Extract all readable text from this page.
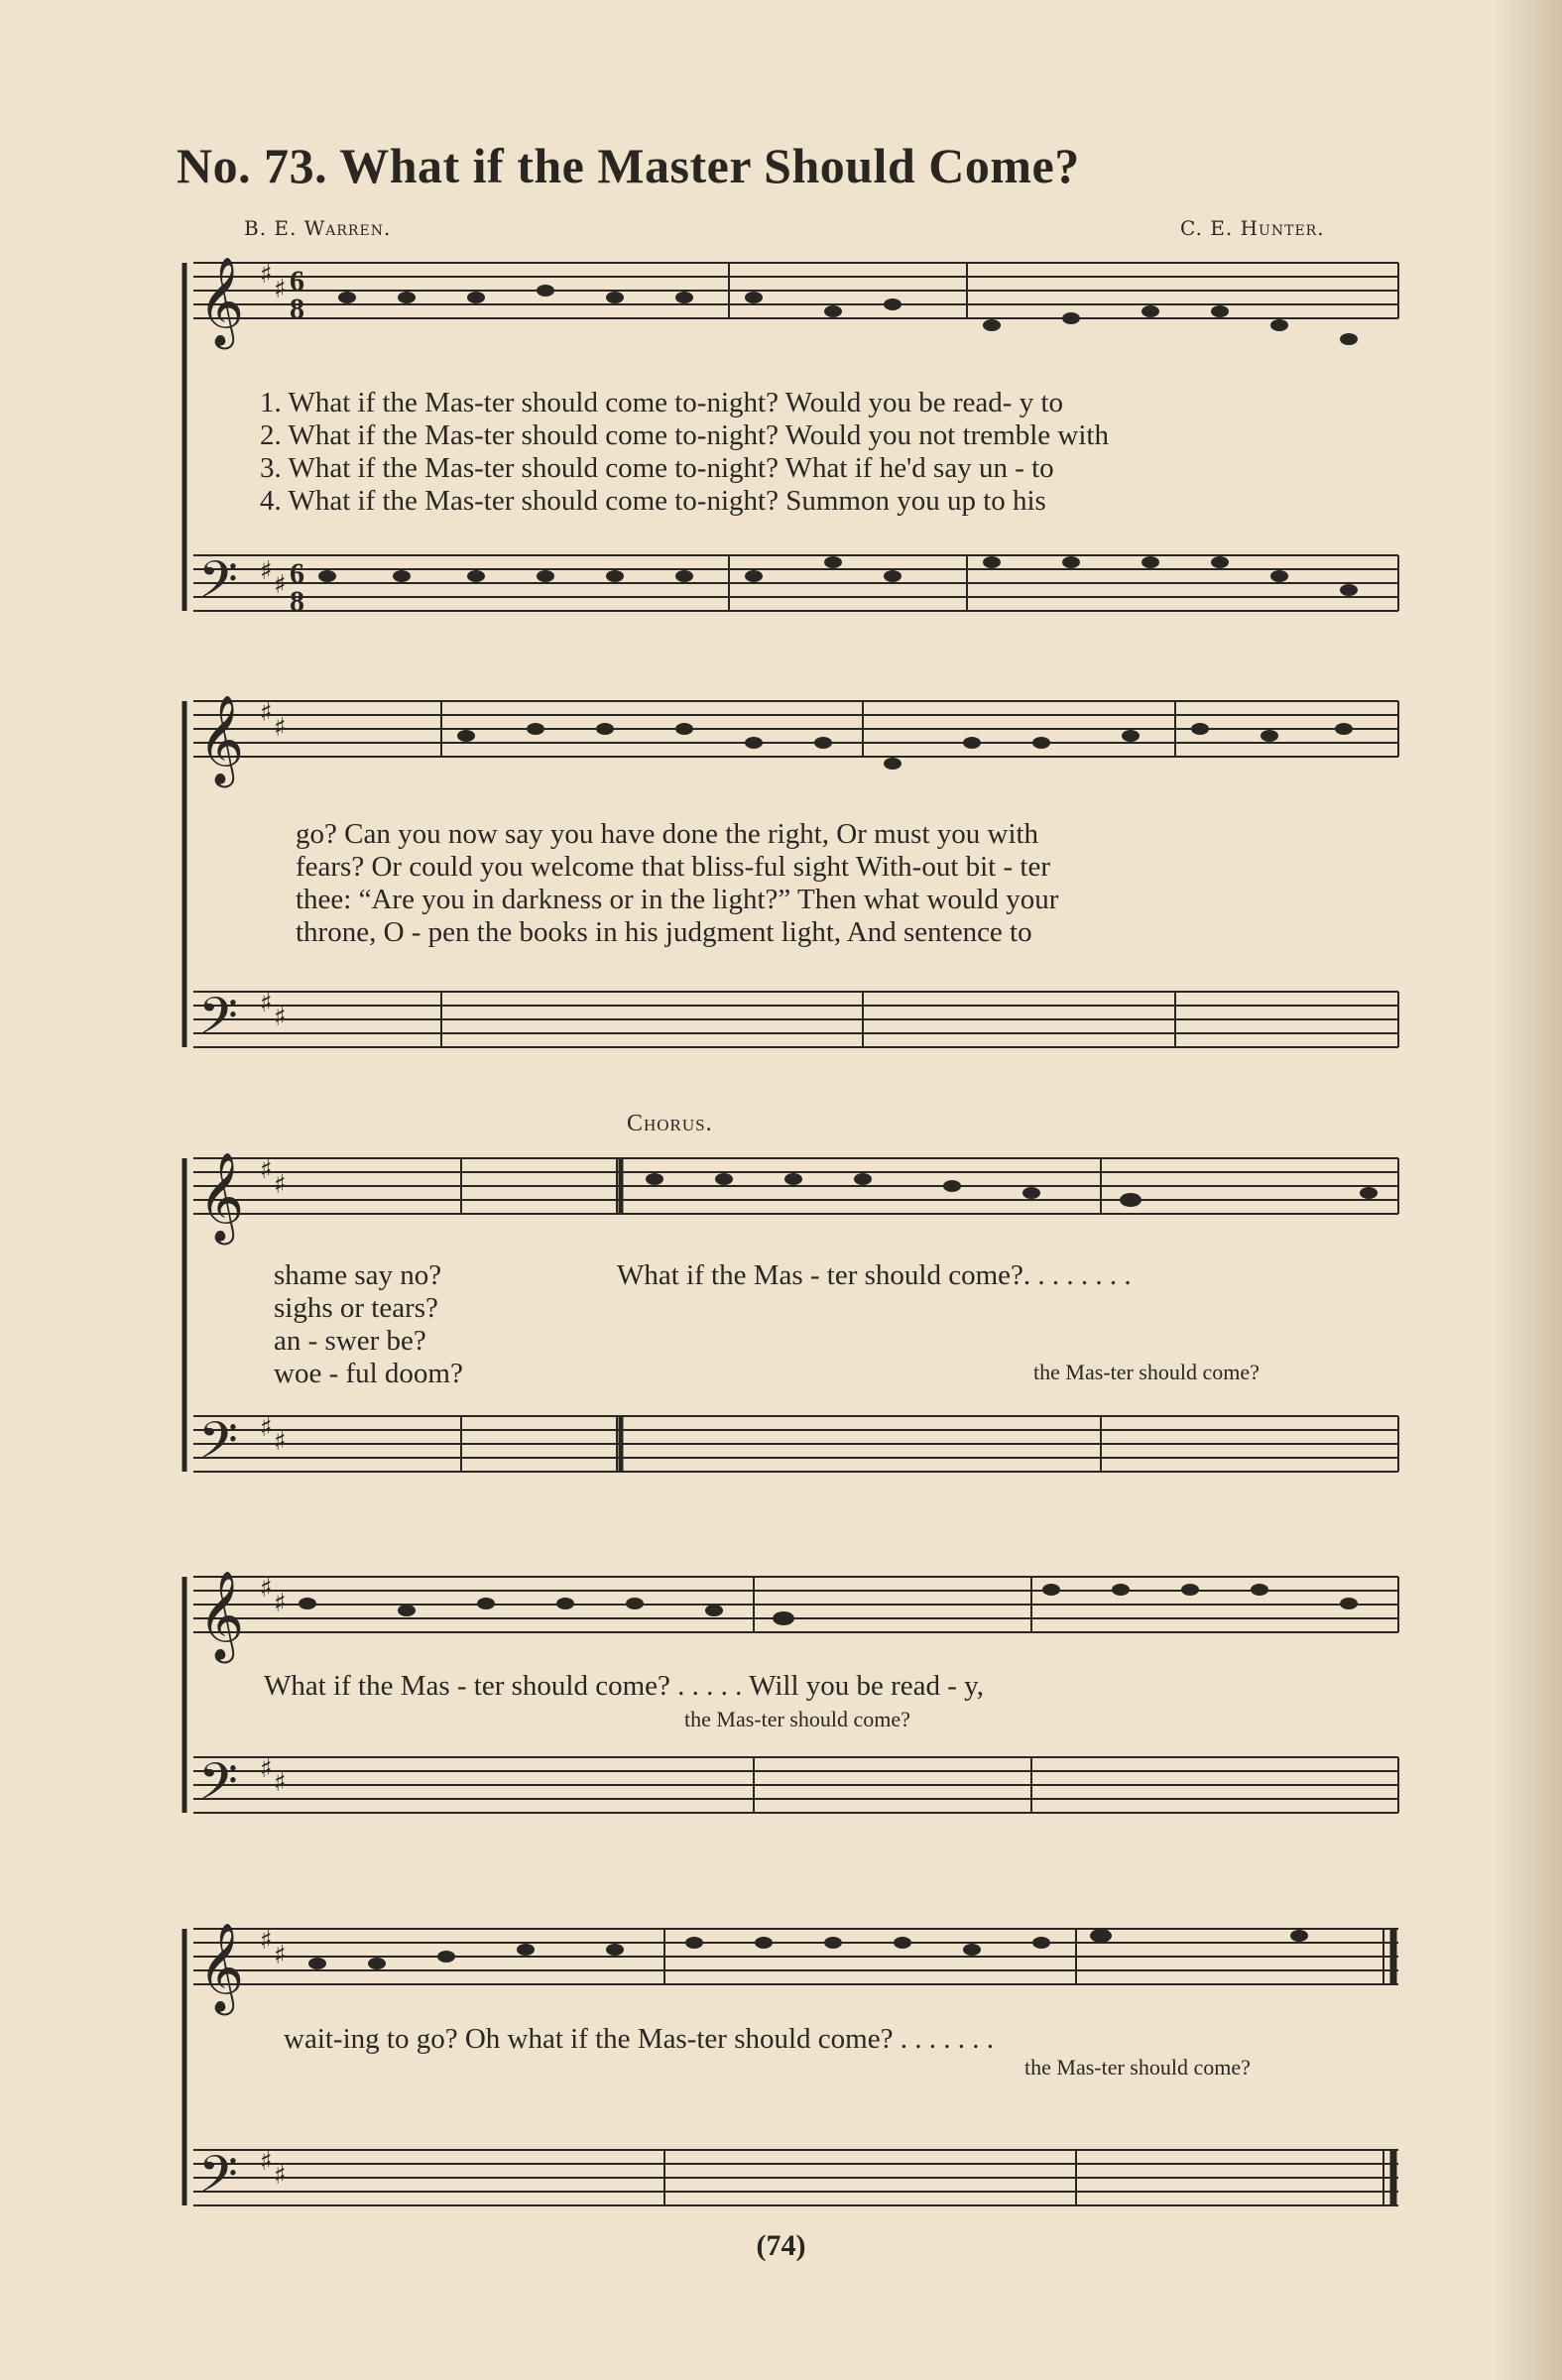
No. 73. What if the Master Should Come?
B. E. Warren.	C. E. Hunter.
𝄞
𝄢
𝄞
𝄢
𝄞
𝄢
𝄞
𝄢
𝄞
𝄢
♯ ♯
♯ ♯
♯ ♯
♯ ♯
♯ ♯
♯ ♯
♯ ♯
♯ ♯
♯ ♯
♯ ♯
6
8
6
8
1. What if the Mas-ter should come to-night? Would you be read- y to
2. What if the Mas-ter should come to-night? Would you not tremble with
3. What if the Mas-ter should come to-night? What if he'd say un - to
4. What if the Mas-ter should come to-night? Summon you up to his
go? Can you now say you have done the right, Or must you with
fears? Or could you welcome that bliss-ful sight With-out bit - ter
thee: “Are you in darkness or in the light?” Then what would your
throne, O - pen the books in his judgment light, And sentence to
Chorus.
shame say no?
sighs or tears?
an - swer be?
woe - ful doom?
What if the Mas - ter should come?. . . . . . . .
the Mas-ter should come?
What if the Mas - ter should come? . . . . . Will you be read - y,
the Mas-ter should come?
wait-ing to go? Oh what if the Mas-ter should come? . . . . . . .
the Mas-ter should come?
(74)
